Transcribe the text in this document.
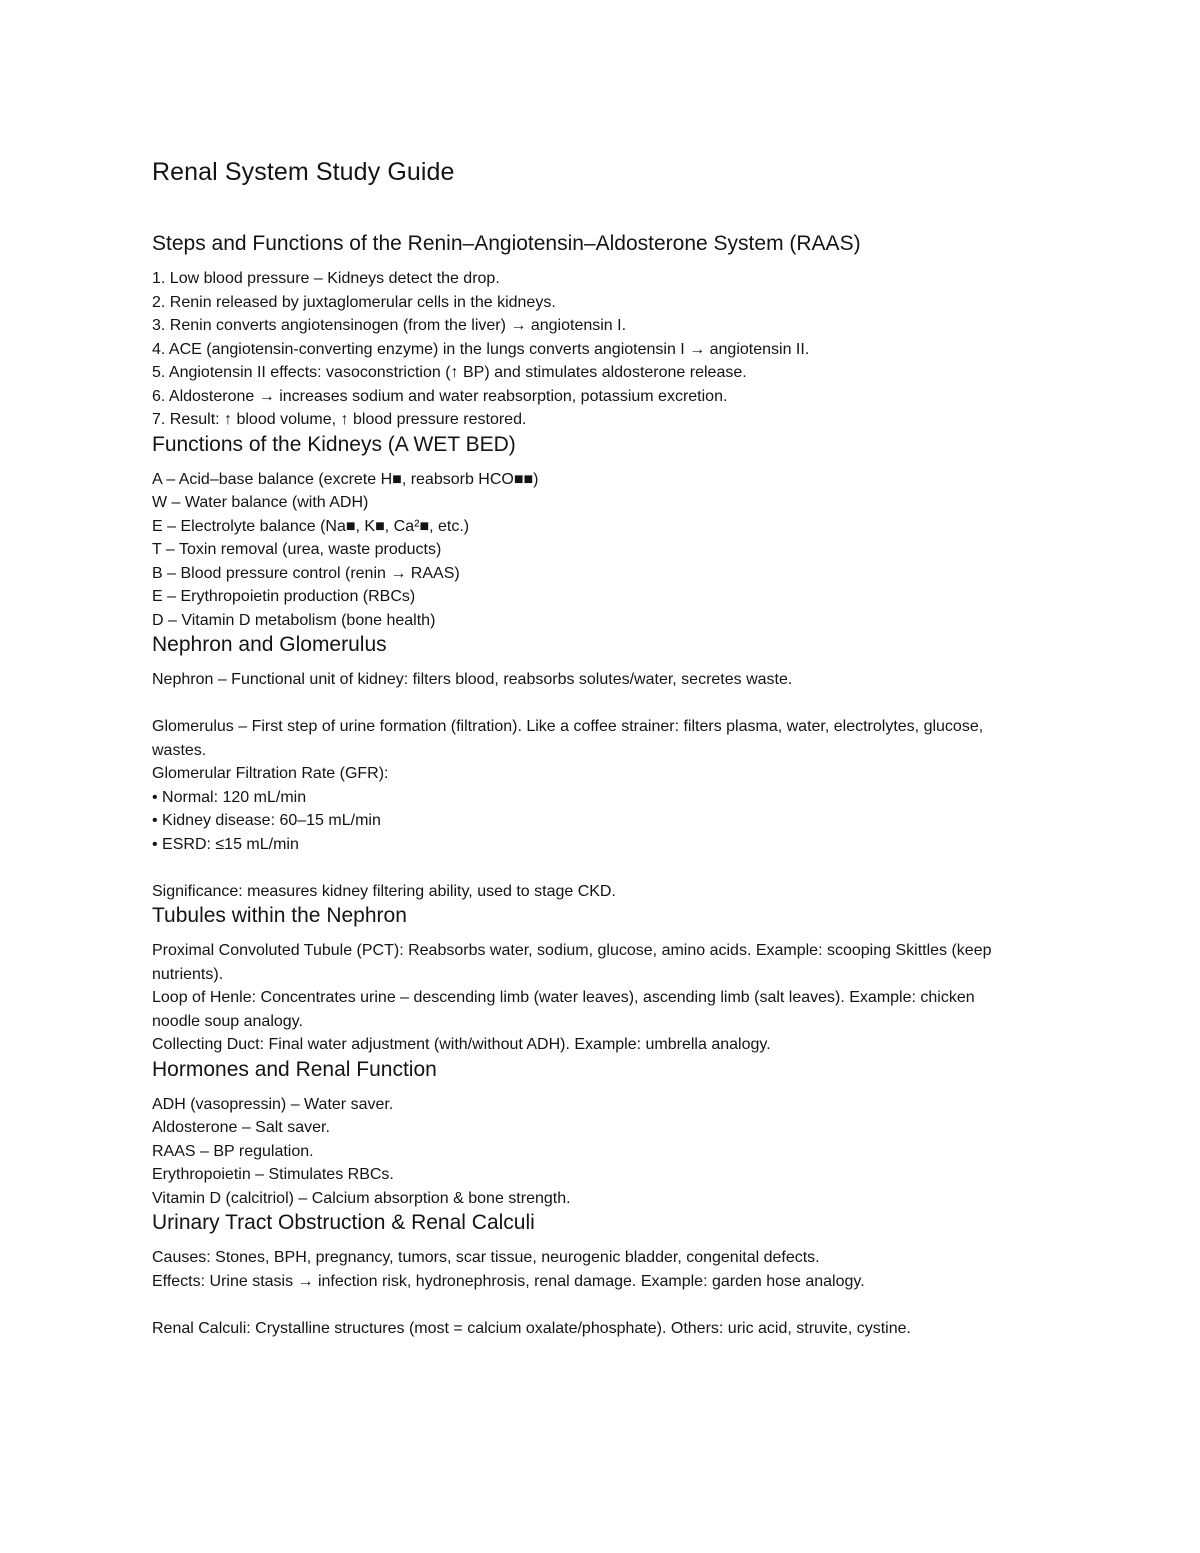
Renal System Study Guide
Steps and Functions of the Renin–Angiotensin–Aldosterone System (RAAS)

1. Low blood pressure – Kidneys detect the drop.

2. Renin released by juxtaglomerular cells in the kidneys.

3. Renin converts angiotensinogen (from the liver) → angiotensin I.

4. ACE (angiotensin-converting enzyme) in the lungs converts angiotensin I → angiotensin II.

5. Angiotensin II effects: vasoconstriction (↑ BP) and stimulates aldosterone release.

6. Aldosterone → increases sodium and water reabsorption, potassium excretion.

7. Result: ↑ blood volume, ↑ blood pressure restored.

Functions of the Kidneys (A WET BED)

A – Acid–base balance (excrete H■, reabsorb HCO■■)

W – Water balance (with ADH)

E – Electrolyte balance (Na■, K■, Ca²■, etc.)

T – Toxin removal (urea, waste products)

B – Blood pressure control (renin → RAAS)

E – Erythropoietin production (RBCs)

D – Vitamin D metabolism (bone health)

Nephron and Glomerulus

Nephron – Functional unit of kidney: filters blood, reabsorbs solutes/water, secretes waste.

Glomerulus – First step of urine formation (filtration). Like a coffee strainer: filters plasma, water, electrolytes, glucose, wastes.

Glomerular Filtration Rate (GFR):

• Normal: 120 mL/min

• Kidney disease: 60–15 mL/min

• ESRD: ≤15 mL/min

Significance: measures kidney filtering ability, used to stage CKD.

Tubules within the Nephron

Proximal Convoluted Tubule (PCT): Reabsorbs water, sodium, glucose, amino acids. Example: scooping Skittles (keep nutrients).

Loop of Henle: Concentrates urine – descending limb (water leaves), ascending limb (salt leaves). Example: chicken noodle soup analogy.

Collecting Duct: Final water adjustment (with/without ADH). Example: umbrella analogy.

Hormones and Renal Function

ADH (vasopressin) – Water saver.

Aldosterone – Salt saver.

RAAS – BP regulation.

Erythropoietin – Stimulates RBCs.

Vitamin D (calcitriol) – Calcium absorption & bone strength.

Urinary Tract Obstruction & Renal Calculi

Causes: Stones, BPH, pregnancy, tumors, scar tissue, neurogenic bladder, congenital defects.

Effects: Urine stasis → infection risk, hydronephrosis, renal damage. Example: garden hose analogy.

Renal Calculi: Crystalline structures (most = calcium oxalate/phosphate). Others: uric acid, struvite, cystine.
